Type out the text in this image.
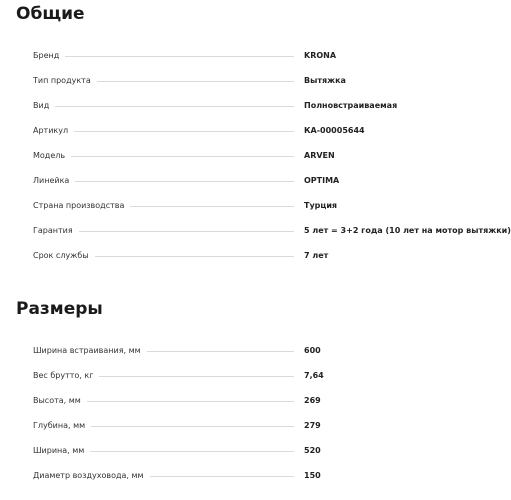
Общие
Бренд	KRONA
Тип продукта	Вытяжка
Вид	Полновстраиваемая
Артикул	КА-00005644
Модель	ARVEN
Линейка	OPTIMA
Страна производства	Турция
Гарантия	5 лет = 3+2 года (10 лет на мотор вытяжки)
Срок службы	7 лет
Размеры
Ширина встраивания, мм	600
Вес брутто, кг	7,64
Высота, мм	269
Глубина, мм	279
Ширина, мм	520
Диаметр воздуховода, мм	150
